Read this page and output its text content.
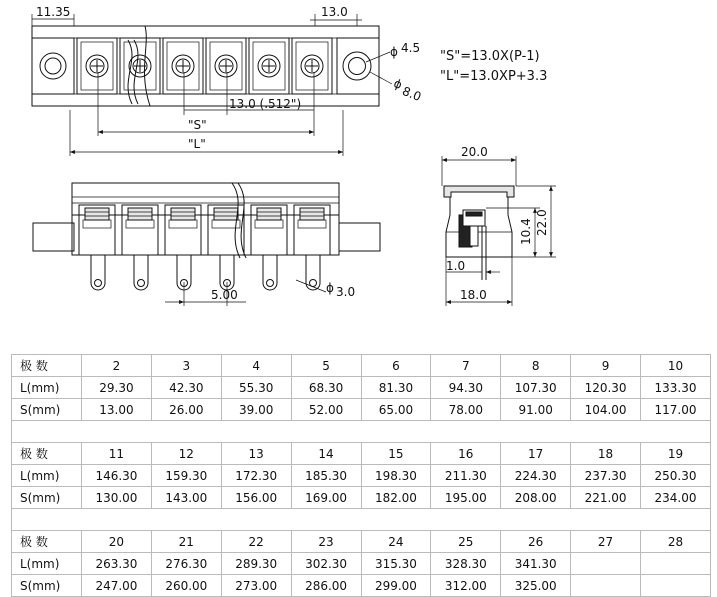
11.35	13.0
ϕ 4.5
ϕ
8.0
13.0 (.512")
"S"
"L"
"S"=13.0X(P-1)
"L"=13.0XP+3.3
5.00	ϕ 3.0
20.0
10.4 22.0
1.0
18.0
极 数	2	3	4	5	6	7	8	9	10
L(mm)	29.30	42.30	55.30	68.30	81.30	94.30	107.30	120.30	133.30
S(mm)	13.00	26.00	39.00	52.00	65.00	78.00	91.00	104.00	117.00

极 数	11	12	13	14	15	16	17	18	19
L(mm)	146.30	159.30	172.30	185.30	198.30	211.30	224.30	237.30	250.30
S(mm)	130.00	143.00	156.00	169.00	182.00	195.00	208.00	221.00	234.00

极 数	20	21	22	23	24	25	26	27	28
L(mm)	263.30	276.30	289.30	302.30	315.30	328.30	341.30		
S(mm)	247.00	260.00	273.00	286.00	299.00	312.00	325.00		
